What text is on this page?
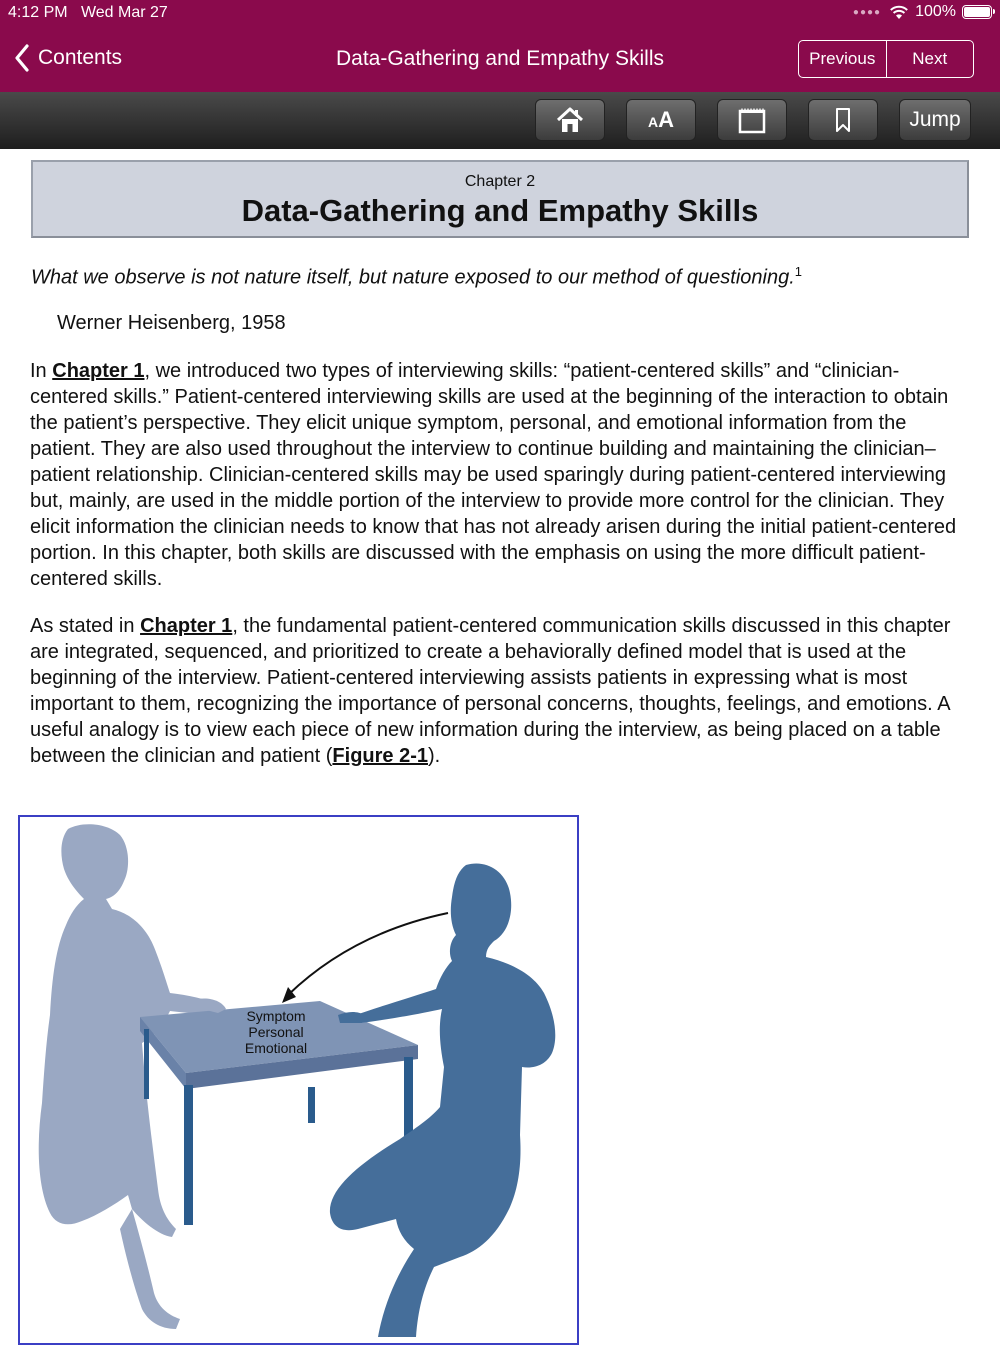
4:12 PM Wed Mar 27	●●●● 100%
Contents	Data-Gathering and Empathy Skills	Previous	Next
AA	Jump
Chapter 2
Data-Gathering and Empathy Skills
What we observe is not nature itself, but nature exposed to our method of questioning.$^1$
Werner Heisenberg, 1958
In Chapter 1, we introduced two types of interviewing skills: “patient-centered skills” and “clinician-centered skills.” Patient-centered interviewing skills are used at the beginning of the interaction to obtain the patient’s perspective. They elicit unique symptom, personal, and emotional information from the patient. They are also used throughout the interview to continue building and maintaining the clinician–patient relationship. Clinician-centered skills may be used sparingly during patient-centered interviewing but, mainly, are used in the middle portion of the interview to provide more control for the clinician. They elicit information the clinician needs to know that has not already arisen during the initial patient-centered portion. In this chapter, both skills are discussed with the emphasis on using the more difficult patient-centered skills.
As stated in Chapter 1, the fundamental patient-centered communication skills discussed in this chapter are integrated, sequenced, and prioritized to create a behaviorally defined model that is used at the beginning of the interview. Patient-centered interviewing assists patients in expressing what is most important to them, recognizing the importance of personal concerns, thoughts, feelings, and emotions. A useful analogy is to view each piece of new information during the interview, as being placed on a table between the clinician and patient (Figure 2-1).
Symptom
Personal
Emotional
